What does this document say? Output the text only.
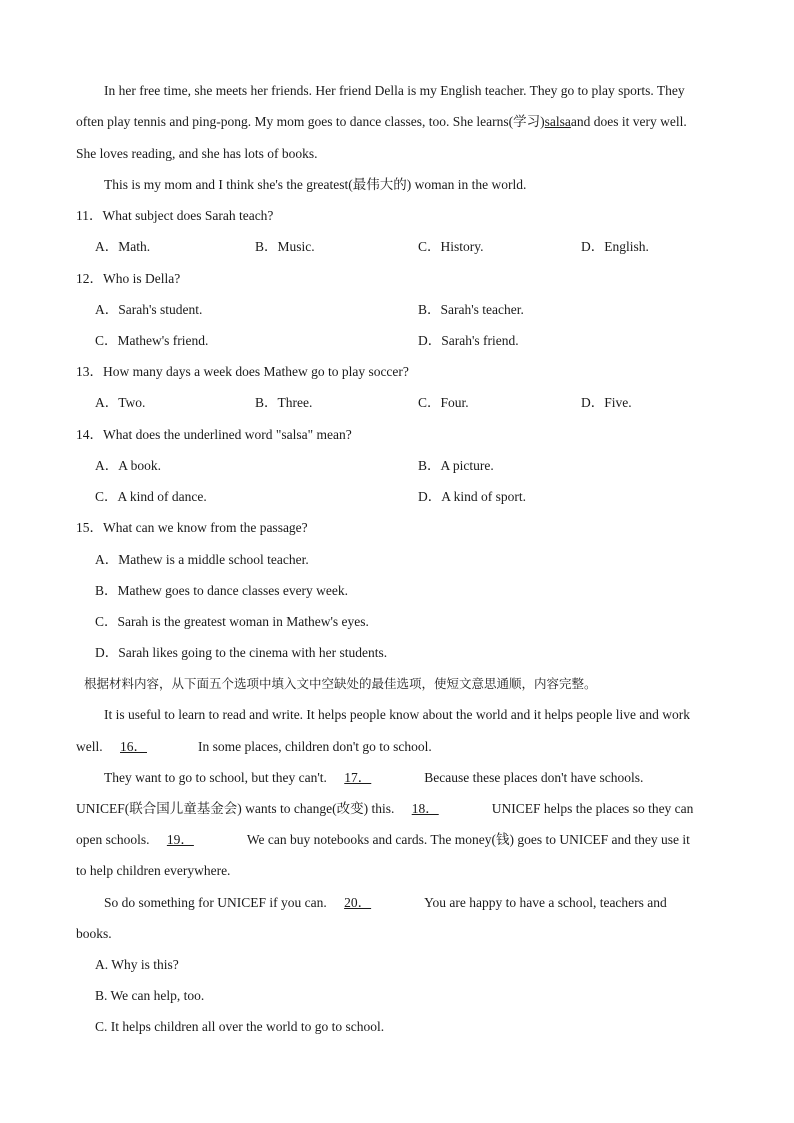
In her free time, she meets her friends. Her friend Della is my English teacher. They go to play sports. They
often play tennis and ping-pong. My mom goes to dance classes, too. She learns(学习)salsaand does it very well.
She loves reading, and she has lots of books.
This is my mom and I think she's the greatest(最伟大的) woman in the world.
11．What subject does Sarah teach?
A．Math.	B．Music.	C．History.	D．English.
12．Who is Della?
A．Sarah's student.	B．Sarah's teacher.
C．Mathew's friend.	D．Sarah's friend.
13．How many days a week does Mathew go to play soccer?
A．Two.	B．Three.	C．Four.	D．Five.
14．What does the underlined word "salsa" mean?
A．A book.	B．A picture.
C．A kind of dance.	D．A kind of sport.
15．What can we know from the passage?
A．Mathew is a middle school teacher.
B．Mathew goes to dance classes every week.
C．Sarah is the greatest woman in Mathew's eyes.
D．Sarah likes going to the cinema with her students.
根据材料内容，从下面五个选项中填入文中空缺处的最佳选项，使短文意思通顺，内容完整。
It is useful to learn to read and write. It helps people know about the world and it helps people live and work
well. 16．	In some places, children don't go to school.
They want to go to school, but they can't. 17．	Because these places don't have schools.
UNICEF(联合国儿童基金会) wants to change(改变) this. 18．	UNICEF helps the places so they can
open schools. 19．	We can buy notebooks and cards. The money(钱) goes to UNICEF and they use it
to help children everywhere.
So do something for UNICEF if you can. 20．	You are happy to have a school, teachers and
books.
A. Why is this?
B. We can help, too.
C. It helps children all over the world to go to school.
